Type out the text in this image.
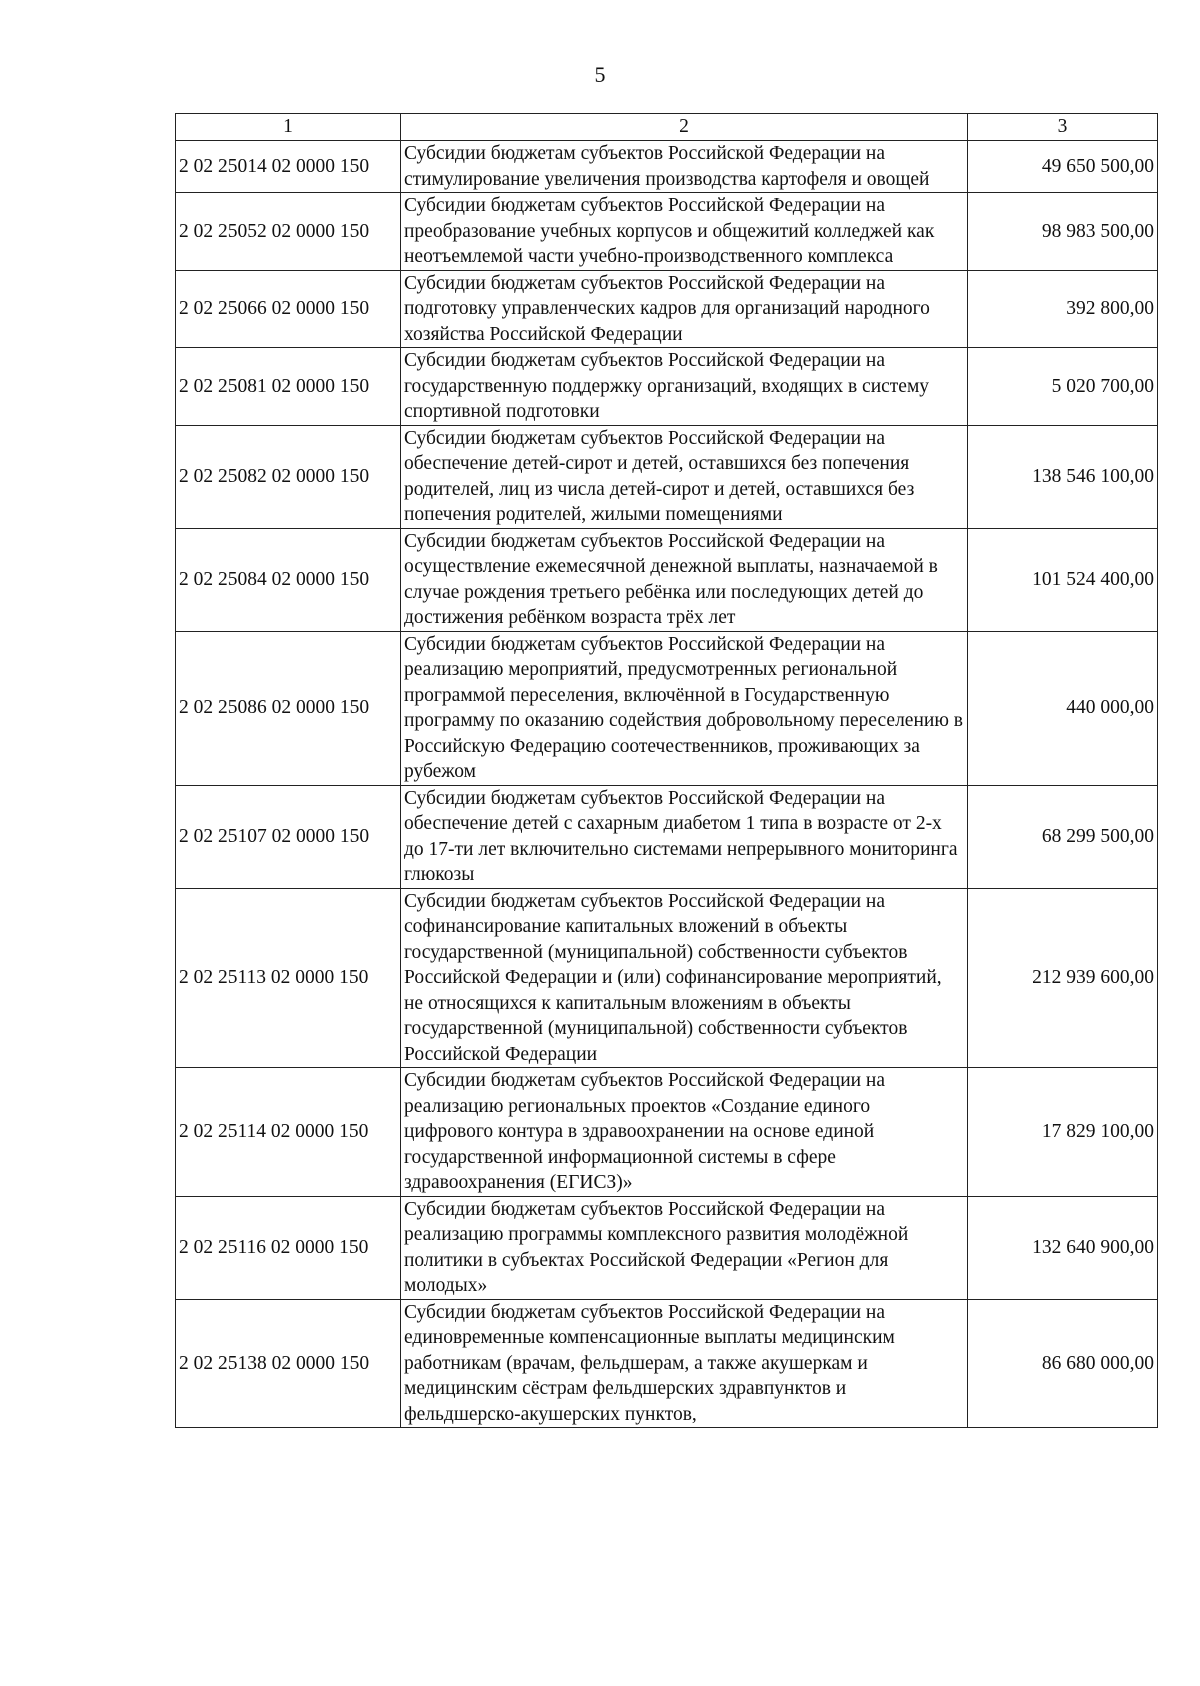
5
1	2	3
2 02 25014 02 0000 150	Субсидии бюджетам субъектов Российской Федерации на стимулирование увеличения производства картофеля и овощей	49 650 500,00
2 02 25052 02 0000 150	Субсидии бюджетам субъектов Российской Федерации на преобразование учебных корпусов и общежитий колледжей как неотъемлемой части учебно-производственного комплекса	98 983 500,00
2 02 25066 02 0000 150	Субсидии бюджетам субъектов Российской Федерации на подготовку управленческих кадров для организаций народного хозяйства Российской Федерации	392 800,00
2 02 25081 02 0000 150	Субсидии бюджетам субъектов Российской Федерации на государственную поддержку организаций, входящих в систему спортивной подготовки	5 020 700,00
2 02 25082 02 0000 150	Субсидии бюджетам субъектов Российской Федерации на обеспечение детей-сирот и детей, оставшихся без попечения родителей, лиц из числа детей-сирот и детей, оставшихся без попечения родителей, жилыми помещениями	138 546 100,00
2 02 25084 02 0000 150	Субсидии бюджетам субъектов Российской Федерации на осуществление ежемесячной денежной выплаты, назначаемой в случае рождения третьего ребёнка или последующих детей до достижения ребёнком возраста трёх лет	101 524 400,00
2 02 25086 02 0000 150	Субсидии бюджетам субъектов Российской Федерации на реализацию мероприятий, предусмотренных региональной программой переселения, включённой в Государственную программу по оказанию содействия добровольному переселению в Российскую Федерацию соотечественников, проживающих за рубежом	440 000,00
2 02 25107 02 0000 150	Субсидии бюджетам субъектов Российской Федерации на обеспечение детей с сахарным диабетом 1 типа в возрасте от 2-х до 17-ти лет включительно системами непрерывного мониторинга глюкозы	68 299 500,00
2 02 25113 02 0000 150	Субсидии бюджетам субъектов Российской Федерации на софинансирование капитальных вложений в объекты государственной (муниципальной) собственности субъектов Российской Федерации и (или) софинансирование мероприятий, не относящихся к капитальным вложениям в объекты государственной (муниципальной) собственности субъектов Российской Федерации	212 939 600,00
2 02 25114 02 0000 150	Субсидии бюджетам субъектов Российской Федерации на реализацию региональных проектов «Создание единого цифрового контура в здравоохранении на основе единой государственной информационной системы в сфере здравоохранения (ЕГИСЗ)»	17 829 100,00
2 02 25116 02 0000 150	Субсидии бюджетам субъектов Российской Федерации на реализацию программы комплексного развития молодёжной политики в субъектах Российской Федерации «Регион для молодых»	132 640 900,00
2 02 25138 02 0000 150	Субсидии бюджетам субъектов Российской Федерации на единовременные компенсационные выплаты медицинским работникам (врачам, фельдшерам, а также акушеркам и медицинским сёстрам фельдшерских здравпунктов и фельдшерско-акушерских пунктов,	86 680 000,00
